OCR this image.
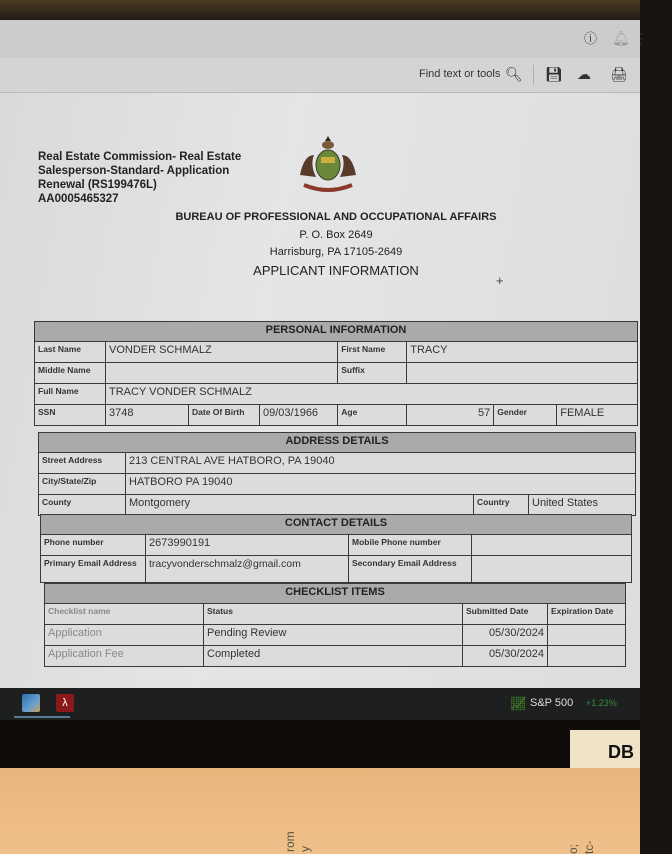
ⓘ 🔔︎ ⋮
Find text or tools 🔍︎ 💾︎ ☁︎ 🖨︎
Real Estate Commission- Real Estate
Salesperson-Standard- Application
Renewal (RS199476L)
AA0005465327
BUREAU OF PROFESSIONAL AND OCCUPATIONAL AFFAIRS
P. O. Box 2649
Harrisburg, PA 17105-2649
APPLICANT INFORMATION
+
PERSONAL INFORMATION
Last Name	VONDER SCHMALZ	First Name	TRACY
Middle Name		Suffix	
Full Name	TRACY VONDER SCHMALZ
SSN	3748	Date Of Birth	09/03/1966	Age	57	Gender	FEMALE
ADDRESS DETAILS			
Street Address	213 CENTRAL AVE HATBORO, PA 19040		
City/State/Zip	HATBORO PA 19040		
County	Montgomery	Country	United States
CONTACT DETAILS			
Phone number	2673990191	Mobile Phone number	
Primary Email Address	tracyvonderschmalz@gmail.com	Secondary Email Address	
CHECKLIST ITEMS			
Checklist name	Status	Submitted Date	Expiration Date
Application	Pending Review	05/30/2024	
Application Fee	Completed	05/30/2024	
λ	📈︎ S&P 500 +1.23%
DB
rom y	o; tc-
